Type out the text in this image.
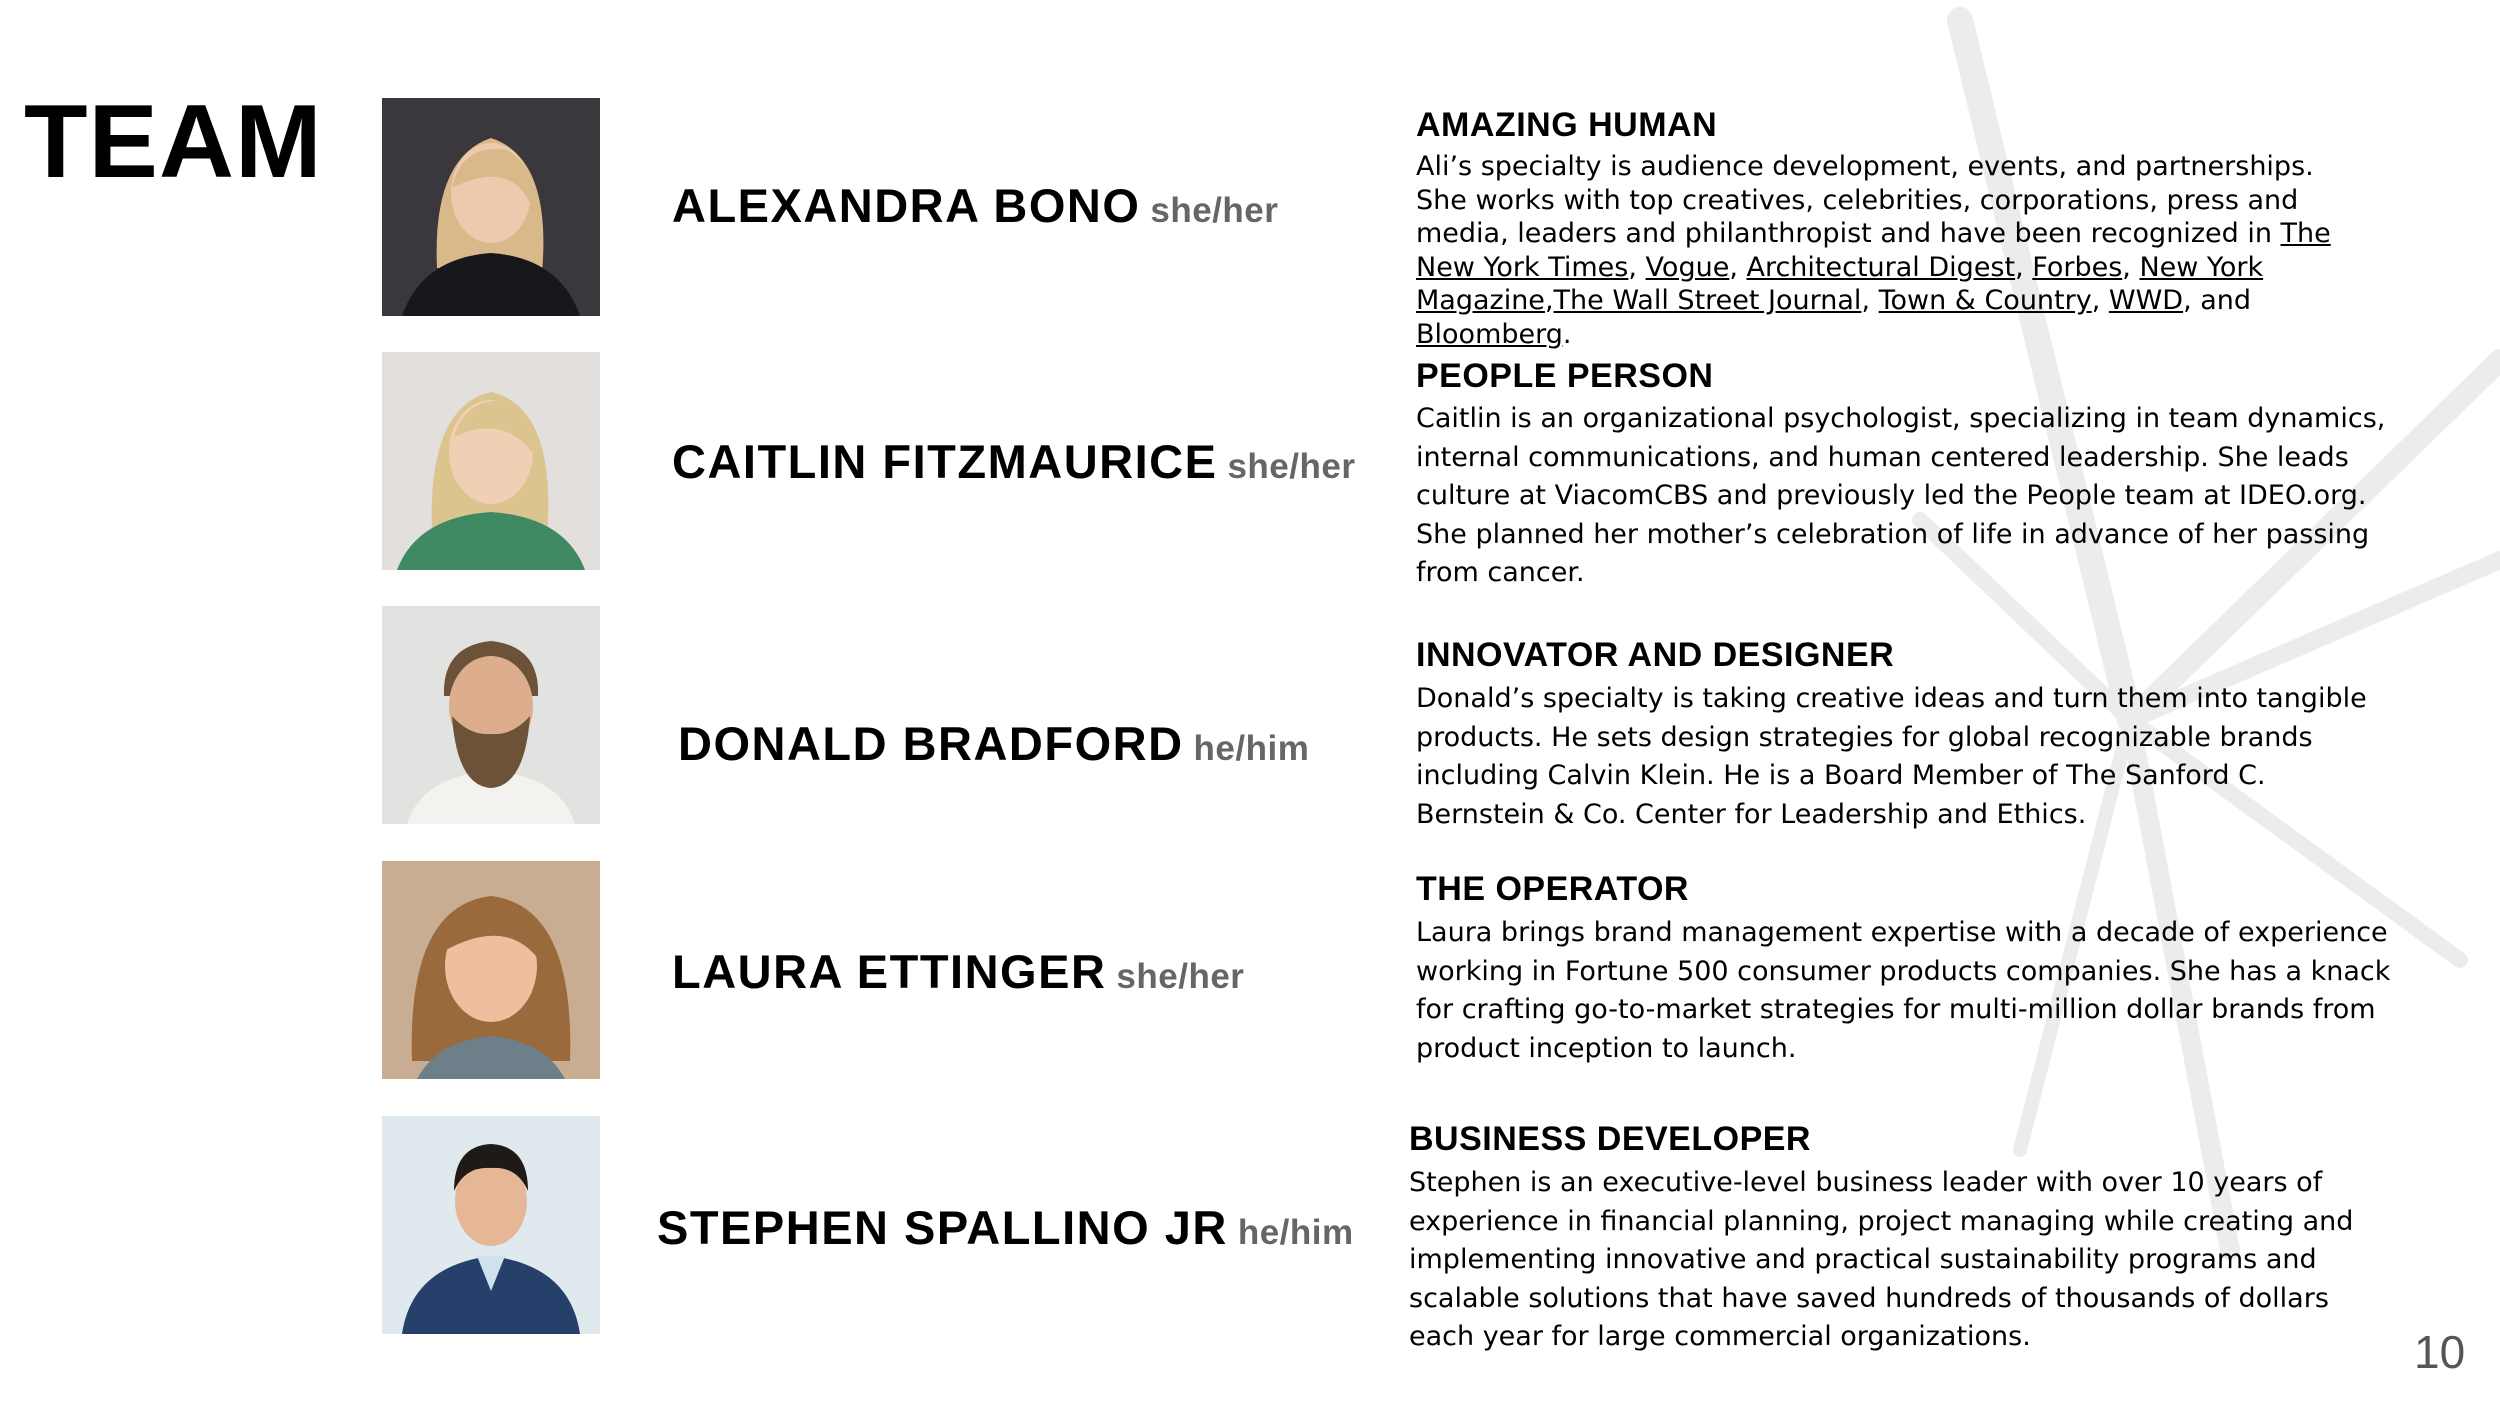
TEAM
ALEXANDRA BONO she/her
AMAZING HUMAN

Ali’s specialty is audience development, events, and partnerships. She works with top creatives, celebrities, corporations, press and media, leaders and philanthropist and have been recognized in The New York Times, Vogue, Architectural Digest, Forbes, New York Magazine,The Wall Street Journal, Town & Country, WWD, and Bloomberg.

CAITLIN FITZMAURICE she/her
PEOPLE PERSON

Caitlin is an organizational psychologist, specializing in team dynamics, internal communications, and human centered leadership. She leads culture at ViacomCBS and previously led the People team at IDEO.org. She planned her mother’s celebration of life in advance of her passing from cancer.

DONALD BRADFORD he/him
INNOVATOR AND DESIGNER

Donald’s specialty is taking creative ideas and turn them into tangible products. He sets design strategies for global recognizable brands including Calvin Klein. He is a Board Member of The Sanford C. Bernstein & Co. Center for Leadership and Ethics.

LAURA ETTINGER she/her
THE OPERATOR

Laura brings brand management expertise with a decade of experience working in Fortune 500 consumer products companies. She has a knack for crafting go-to-market strategies for multi-million dollar brands from product inception to launch.

STEPHEN SPALLINO JR he/him
BUSINESS DEVELOPER

Stephen is an executive-level business leader with over 10 years of experience in financial planning, project managing while creating and implementing innovative and practical sustainability programs and scalable solutions that have saved hundreds of thousands of dollars each year for large commercial organizations.	10
